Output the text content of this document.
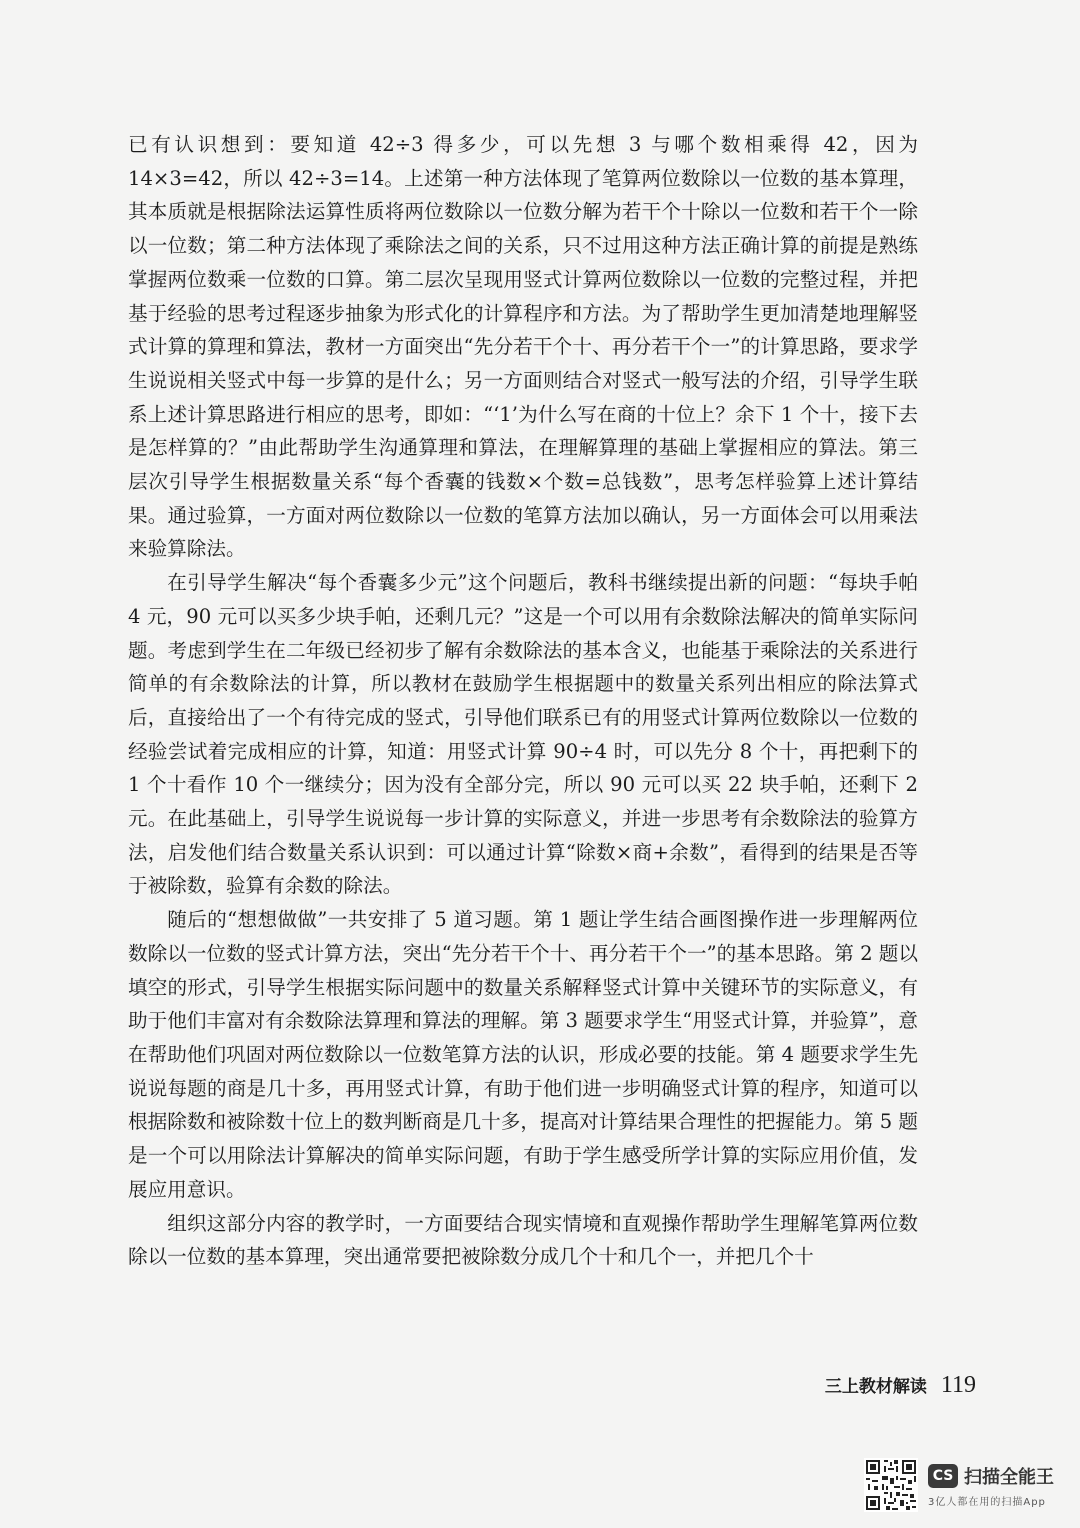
已有认识想到：要知道 42÷3 得多少，可以先想 3 与哪个数相乘得 42，因为 14×3=42，所以 42÷3=14。上述第一种方法体现了笔算两位数除以一位数的基本算理，其本质就是根据除法运算性质将两位数除以一位数分解为若干个十除以一位数和若干个一除以一位数；第二种方法体现了乘除法之间的关系，只不过用这种方法正确计算的前提是熟练掌握两位数乘一位数的口算。第二层次呈现用竖式计算两位数除以一位数的完整过程，并把基于经验的思考过程逐步抽象为形式化的计算程序和方法。为了帮助学生更加清楚地理解竖式计算的算理和算法，教材一方面突出“先分若干个十、再分若干个一”的计算思路，要求学生说说相关竖式中每一步算的是什么；另一方面则结合对竖式一般写法的介绍，引导学生联系上述计算思路进行相应的思考，即如：“‘1’为什么写在商的十位上？余下 1 个十，接下去是怎样算的？”由此帮助学生沟通算理和算法，在理解算理的基础上掌握相应的算法。第三层次引导学生根据数量关系“每个香囊的钱数×个数=总钱数”，思考怎样验算上述计算结果。通过验算，一方面对两位数除以一位数的笔算方法加以确认，另一方面体会可以用乘法来验算除法。

在引导学生解决“每个香囊多少元”这个问题后，教科书继续提出新的问题：“每块手帕 4 元，90 元可以买多少块手帕，还剩几元？”这是一个可以用有余数除法解决的简单实际问题。考虑到学生在二年级已经初步了解有余数除法的基本含义，也能基于乘除法的关系进行简单的有余数除法的计算，所以教材在鼓励学生根据题中的数量关系列出相应的除法算式后，直接给出了一个有待完成的竖式，引导他们联系已有的用竖式计算两位数除以一位数的经验尝试着完成相应的计算，知道：用竖式计算 90÷4 时，可以先分 8 个十，再把剩下的 1 个十看作 10 个一继续分；因为没有全部分完，所以 90 元可以买 22 块手帕，还剩下 2 元。在此基础上，引导学生说说每一步计算的实际意义，并进一步思考有余数除法的验算方法，启发他们结合数量关系认识到：可以通过计算“除数×商+余数”，看得到的结果是否等于被除数，验算有余数的除法。

随后的“想想做做”一共安排了 5 道习题。第 1 题让学生结合画图操作进一步理解两位数除以一位数的竖式计算方法，突出“先分若干个十、再分若干个一”的基本思路。第 2 题以填空的形式，引导学生根据实际问题中的数量关系解释竖式计算中关键环节的实际意义，有助于他们丰富对有余数除法算理和算法的理解。第 3 题要求学生“用竖式计算，并验算”，意在帮助他们巩固对两位数除以一位数笔算方法的认识，形成必要的技能。第 4 题要求学生先说说每题的商是几十多，再用竖式计算，有助于他们进一步明确竖式计算的程序，知道可以根据除数和被除数十位上的数判断商是几十多，提高对计算结果合理性的把握能力。第 5 题是一个可以用除法计算解决的简单实际问题，有助于学生感受所学计算的实际应用价值，发展应用意识。

组织这部分内容的教学时，一方面要结合现实情境和直观操作帮助学生理解笔算两位数除以一位数的基本算理，突出通常要把被除数分成几个十和几个一，并把几个十

三上教材解读 119
CS 扫描全能王
3亿人都在用的扫描App
